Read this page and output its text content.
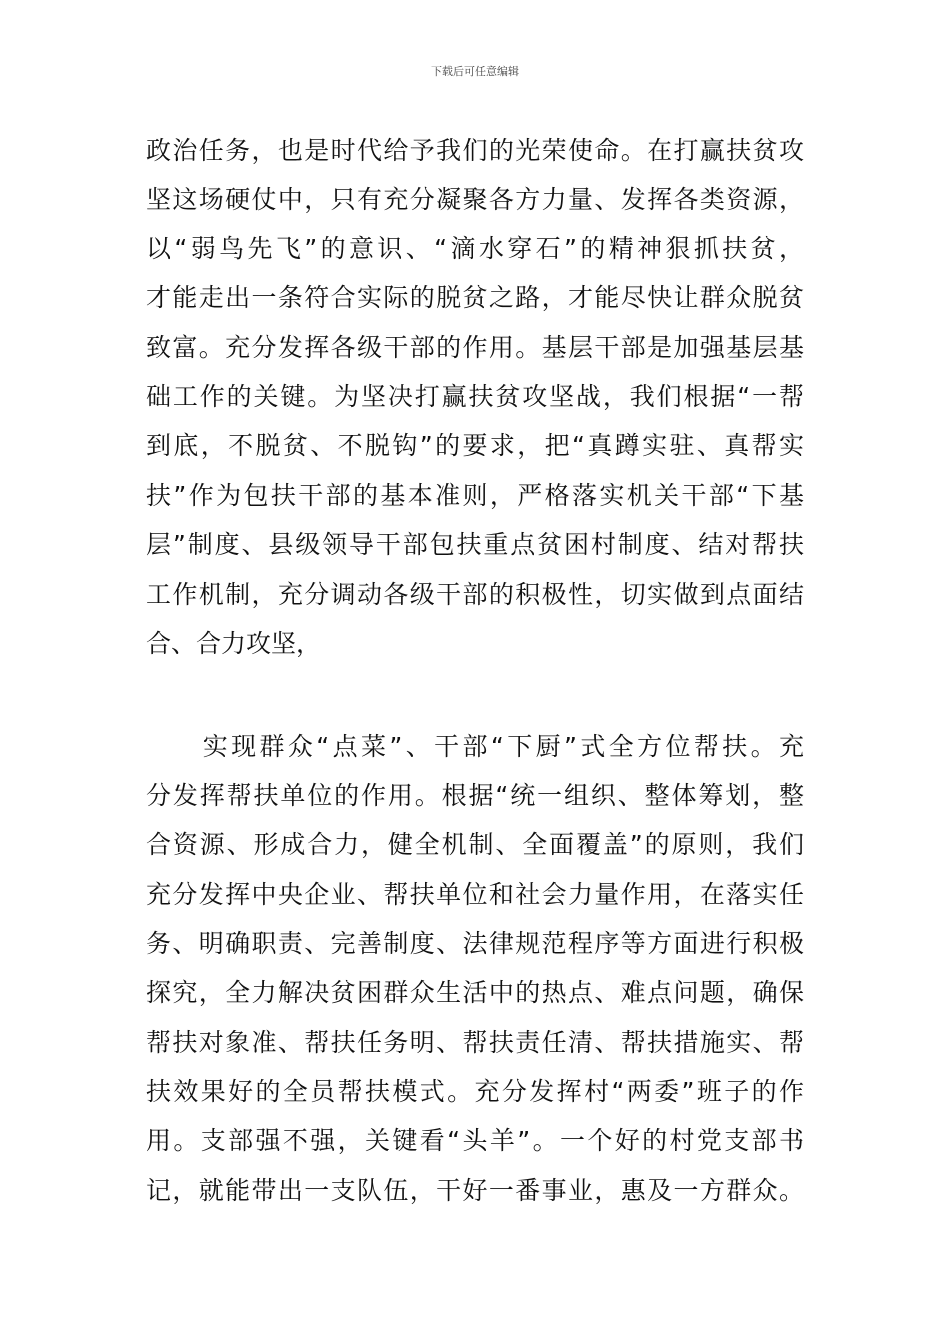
下载后可任意编辑
政治任务，也是时代给予我们的光荣使命。在打赢扶贫攻
坚这场硬仗中，只有充分凝聚各方力量、发挥各类资源，
以“弱鸟先飞”的意识、“滴水穿石”的精神狠抓扶贫，
才能走出一条符合实际的脱贫之路，才能尽快让群众脱贫
致富。充分发挥各级干部的作用。基层干部是加强基层基
础工作的关键。为坚决打赢扶贫攻坚战，我们根据“一帮
到底，不脱贫、不脱钩”的要求，把“真蹲实驻、真帮实
扶”作为包扶干部的基本准则，严格落实机关干部“下基
层”制度、县级领导干部包扶重点贫困村制度、结对帮扶
工作机制，充分调动各级干部的积极性，切实做到点面结
合、合力攻坚，
　　实现群众“点菜”、干部“下厨”式全方位帮扶。充
分发挥帮扶单位的作用。根据“统一组织、整体筹划，整
合资源、形成合力，健全机制、全面覆盖”的原则，我们
充分发挥中央企业、帮扶单位和社会力量作用，在落实任
务、明确职责、完善制度、法律规范程序等方面进行积极
探究，全力解决贫困群众生活中的热点、难点问题，确保
帮扶对象准、帮扶任务明、帮扶责任清、帮扶措施实、帮
扶效果好的全员帮扶模式。充分发挥村“两委”班子的作
用。支部强不强，关键看“头羊”。一个好的村党支部书
记，就能带出一支队伍，干好一番事业，惠及一方群众。
